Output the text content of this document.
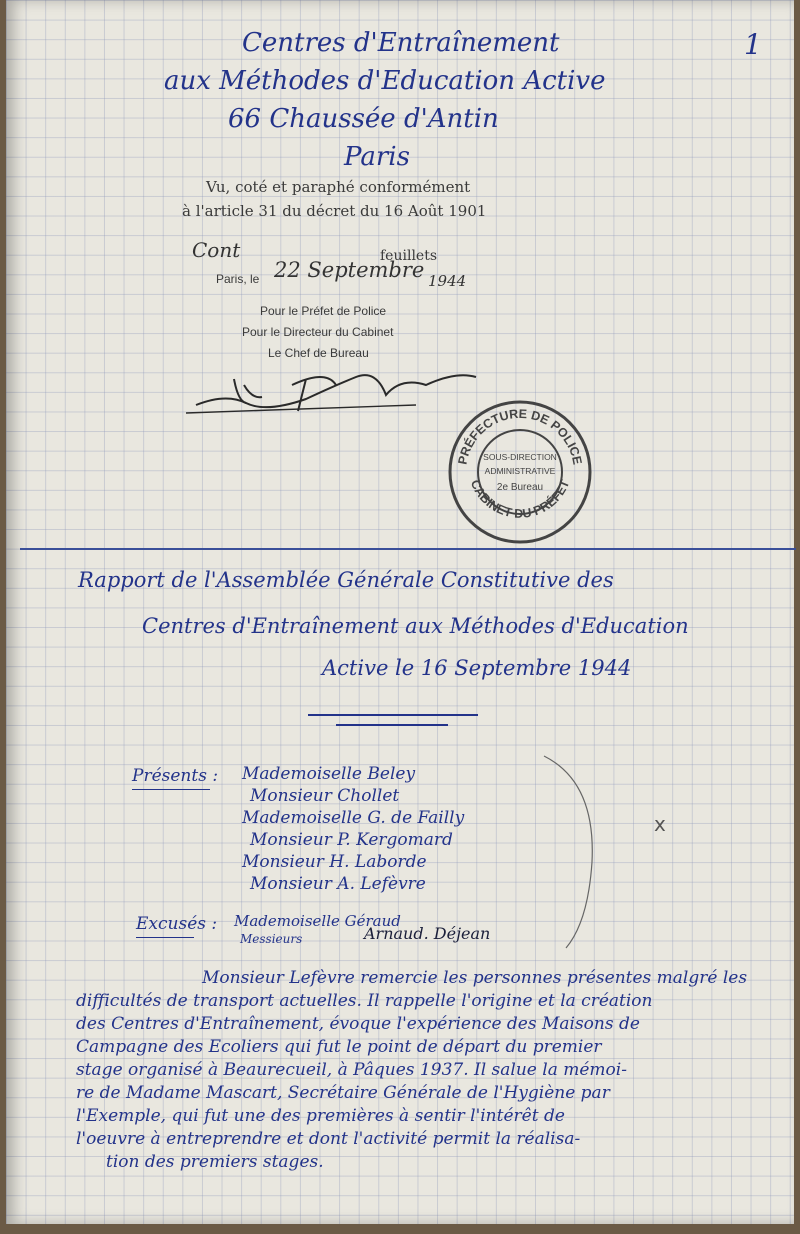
1
Centres d'Entraînement
aux Méthodes d'Education Active
66 Chaussée d'Antin
Paris
Vu, coté et paraphé conformément
à l'article 31 du décret du 16 Août 1901
Cont	feuillets
Paris, le 22 Septembre 1944
Pour le Préfet de Police
Pour le Directeur du Cabinet
Le Chef de Bureau
PRÉFECTURE DE POLICE
CABINET DU PRÉFET
SOUS-DIRECTION
ADMINISTRATIVE
2e Bureau
Rapport de l'Assemblée Générale Constitutive des
Centres d'Entraînement aux Méthodes d'Education
Active le 16 Septembre 1944
Présents : Mademoiselle Beley
Monsieur Chollet
Mademoiselle G. de Failly
Monsieur P. Kergomard
Monsieur H. Laborde
Monsieur A. Lefèvre
Excusés : Mademoiselle Géraud
Messieurs	Arnaud. Déjean
x
Monsieur Lefèvre remercie les personnes présentes malgré les
difficultés de transport actuelles. Il rappelle l'origine et la création
des Centres d'Entraînement, évoque l'expérience des Maisons de
Campagne des Ecoliers qui fut le point de départ du premier
stage organisé à Beaurecueil, à Pâques 1937. Il salue la mémoi-
re de Madame Mascart, Secrétaire Générale de l'Hygiène par
l'Exemple, qui fut une des premières à sentir l'intérêt de
l'oeuvre à entreprendre et dont l'activité permit la réalisa-
tion des premiers stages.
